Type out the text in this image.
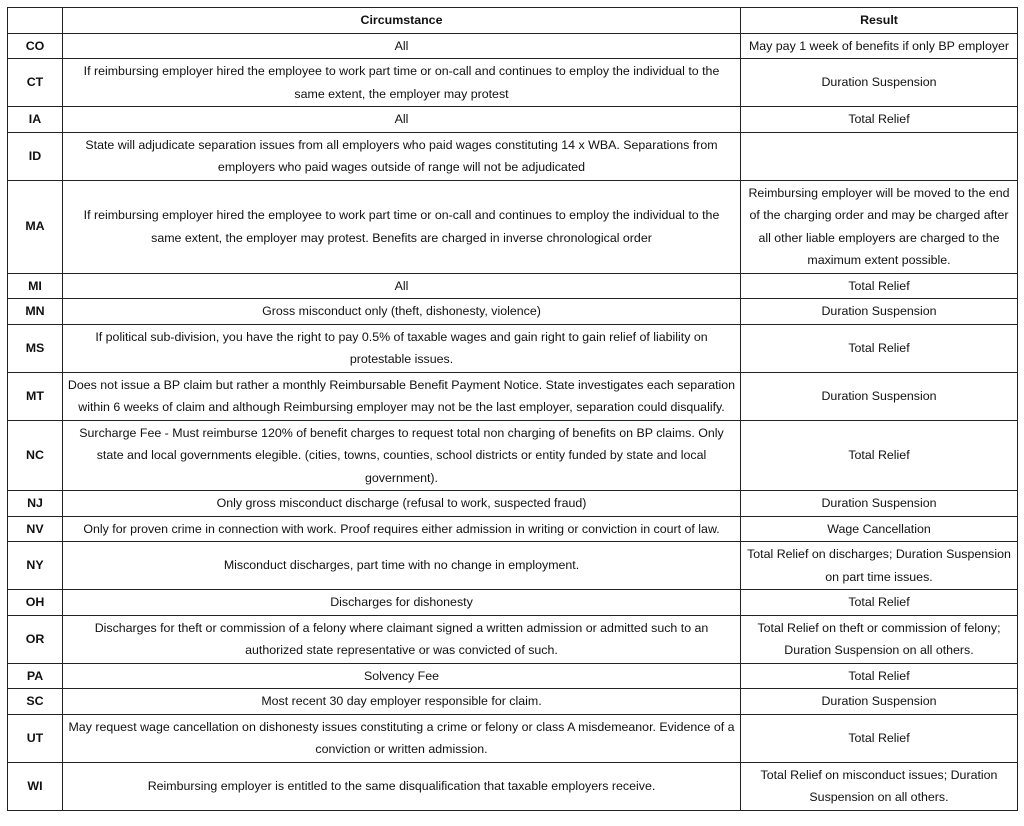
	Circumstance	Result
CO	All	May pay 1 week of benefits if only BP employer
CT	If reimbursing employer hired the employee to work part time or on-call and continues to employ the individual to the same extent, the employer may protest	Duration Suspension
IA	All	Total Relief
ID	State will adjudicate separation issues from all employers who paid wages constituting 14 x WBA. Separations from employers who paid wages outside of range will not be adjudicated	
MA	If reimbursing employer hired the employee to work part time or on-call and continues to employ the individual to the same extent, the employer may protest. Benefits are charged in inverse chronological order	Reimbursing employer will be moved to the end of the charging order and may be charged after all other liable employers are charged to the maximum extent possible.
MI	All	Total Relief
MN	Gross misconduct only (theft, dishonesty, violence)	Duration Suspension
MS	If political sub-division, you have the right to pay 0.5% of taxable wages and gain right to gain relief of liability on protestable issues.	Total Relief
MT	Does not issue a BP claim but rather a monthly Reimbursable Benefit Payment Notice. State investigates each separation within 6 weeks of claim and although Reimbursing employer may not be the last employer, separation could disqualify.	Duration Suspension
NC	Surcharge Fee - Must reimburse 120% of benefit charges to request total non charging of benefits on BP claims. Only state and local governments elegible. (cities, towns, counties, school districts or entity funded by state and local government).	Total Relief
NJ	Only gross misconduct discharge (refusal to work, suspected fraud)	Duration Suspension
NV	Only for proven crime in connection with work. Proof requires either admission in writing or conviction in court of law.	Wage Cancellation
NY	Misconduct discharges, part time with no change in employment.	Total Relief on discharges; Duration Suspension on part time issues.
OH	Discharges for dishonesty	Total Relief
OR	Discharges for theft or commission of a felony where claimant signed a written admission or admitted such to an authorized state representative or was convicted of such.	Total Relief on theft or commission of felony; Duration Suspension on all others.
PA	Solvency Fee	Total Relief
SC	Most recent 30 day employer responsible for claim.	Duration Suspension
UT	May request wage cancellation on dishonesty issues constituting a crime or felony or class A misdemeanor. Evidence of a conviction or written admission.	Total Relief
WI	Reimbursing employer is entitled to the same disqualification that taxable employers receive.	Total Relief on misconduct issues; Duration Suspension on all others.
